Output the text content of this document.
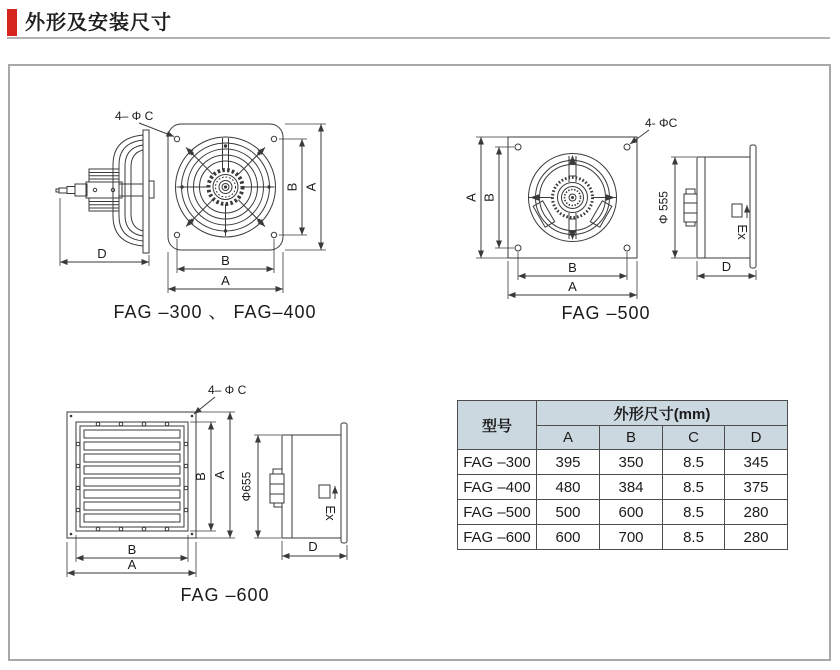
外形及安装尺寸
D
4– Φ C
B A
B
A
FAG –300 、 FAG–400
4- ΦC
A B
B
A
Ex
Φ 555
D
FAG –500
4– Φ C
B A
B
A
Ex
Φ655
D
FAG –600
型号	外形尺寸(mm)			
	A	B	C	D
FAG –300	395	350	8.5	345
FAG –400	480	384	8.5	375
FAG –500	500	600	8.5	280
FAG –600	600	700	8.5	280
